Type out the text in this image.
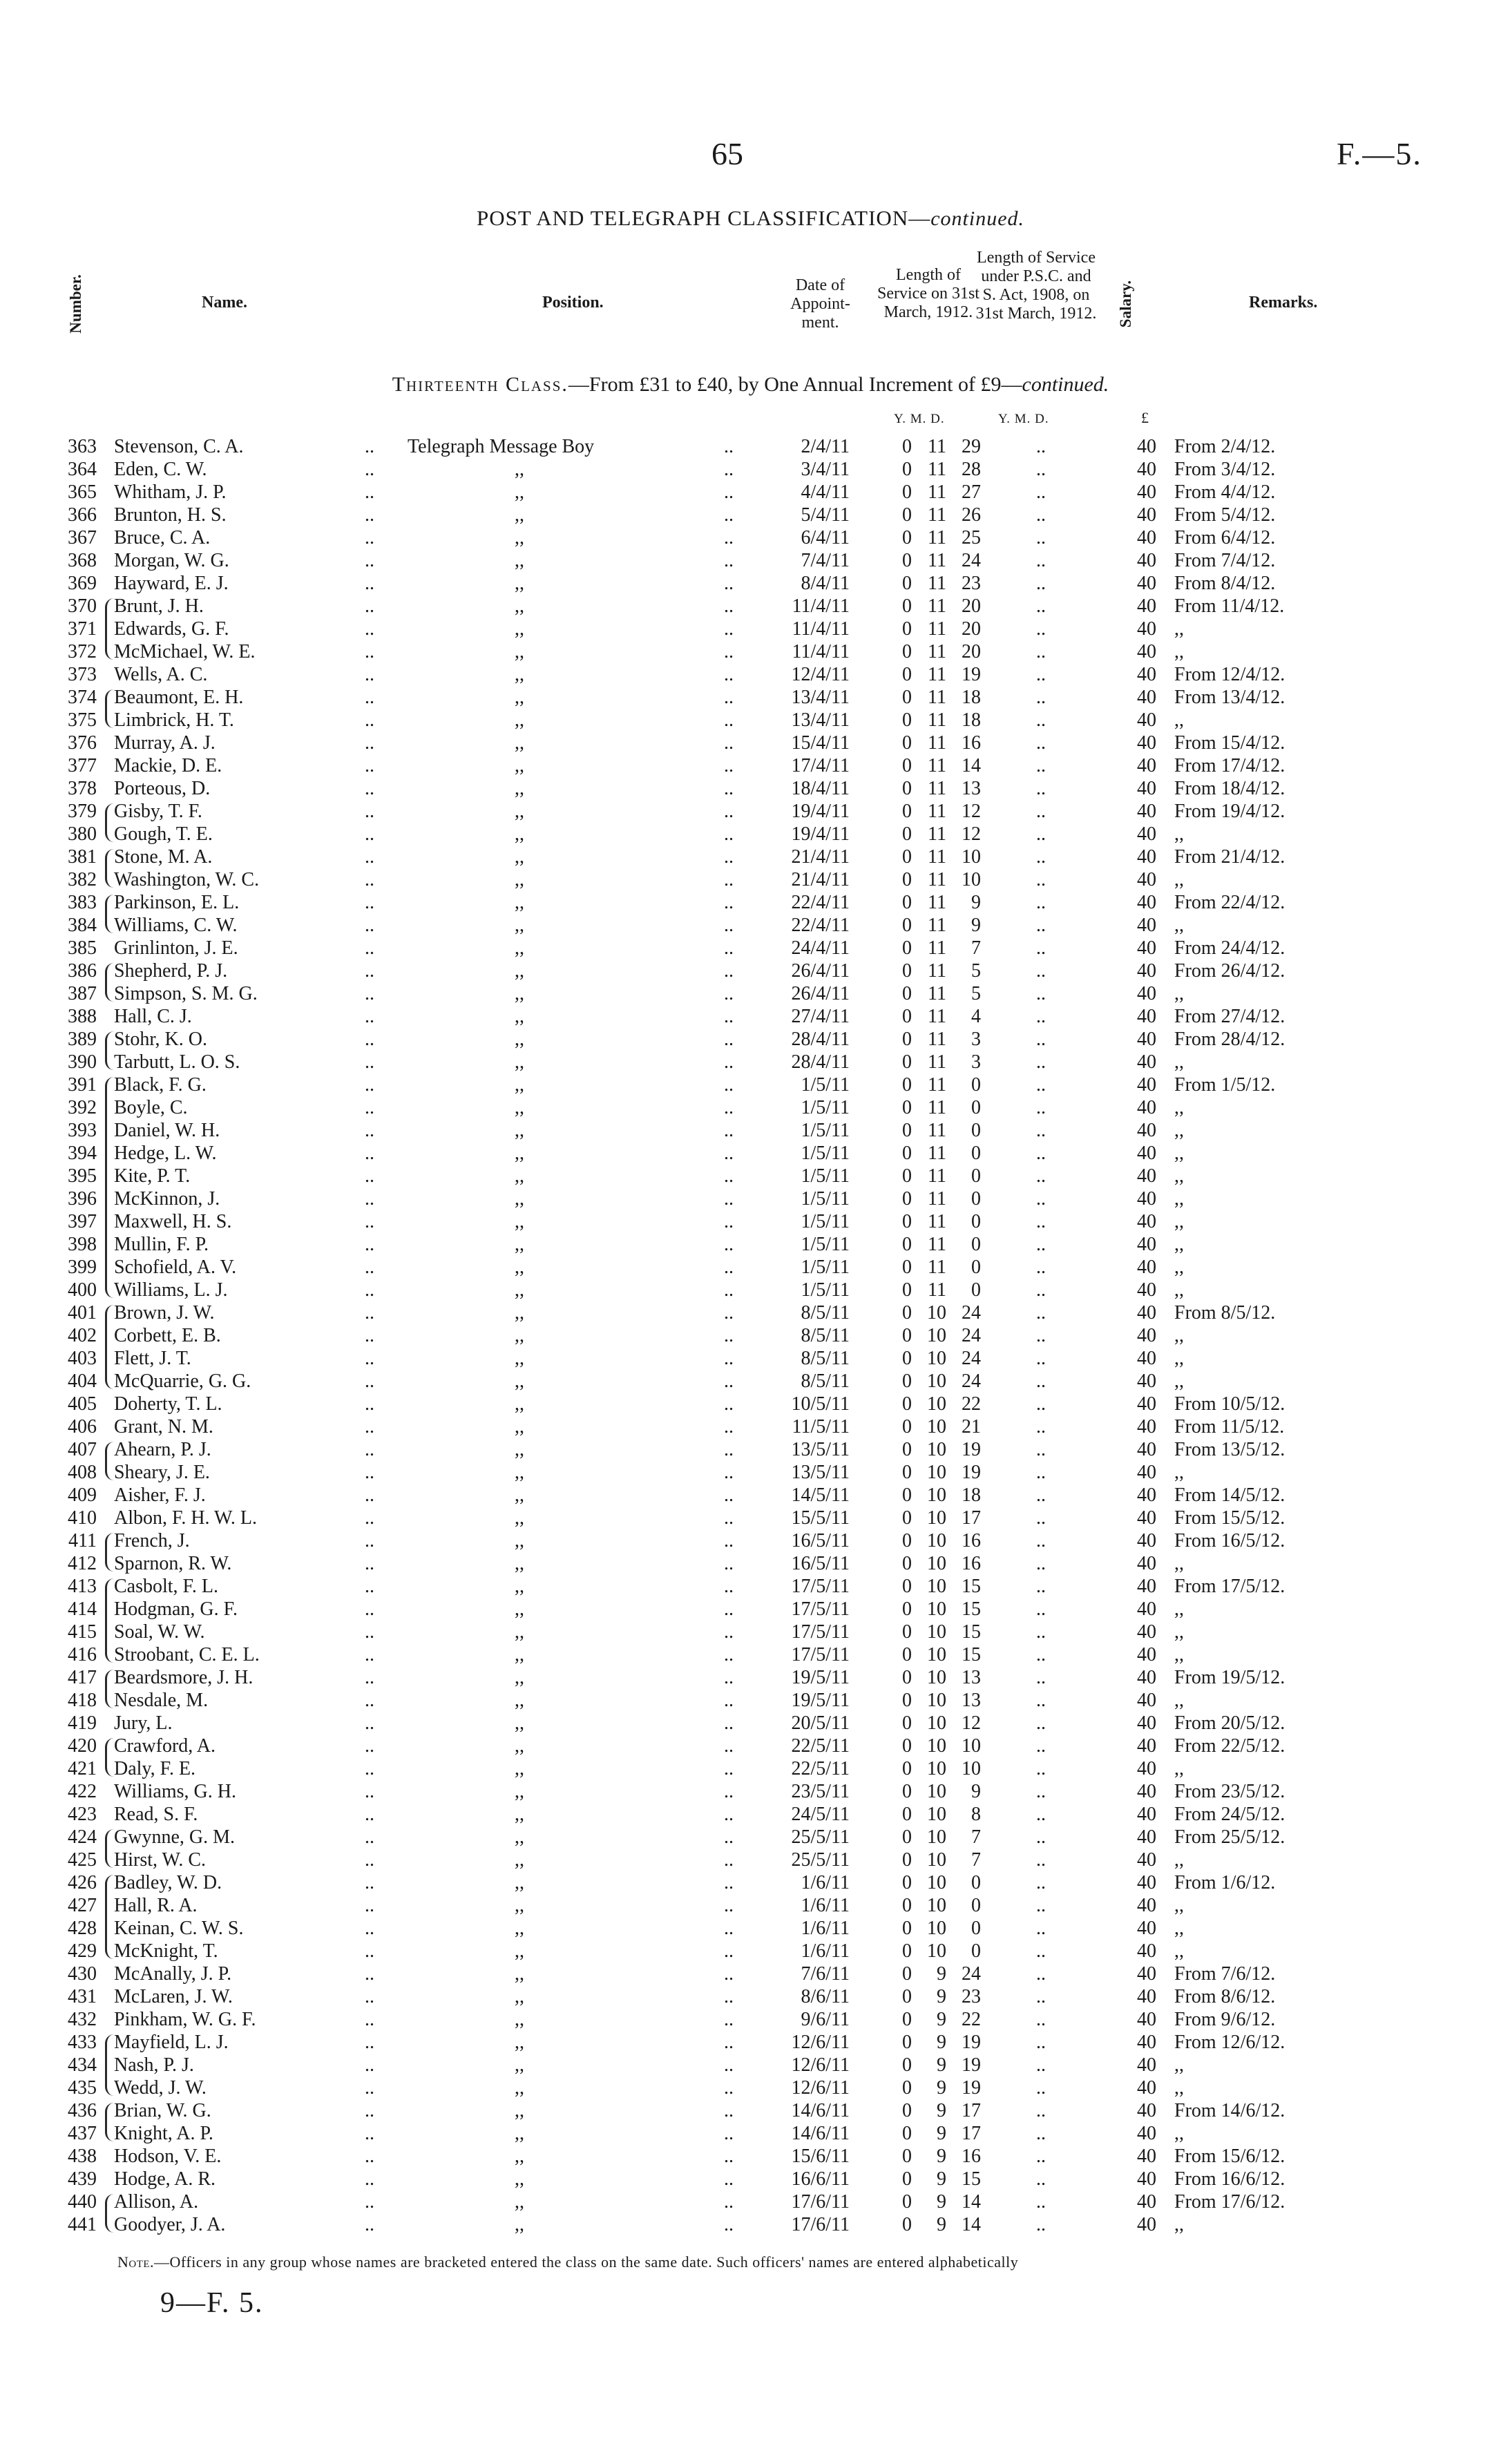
65	F.—5.
POST AND TELEGRAPH CLASSIFICATION—continued.
Number.	Name.	Position.
Date of Appoint-ment.
Length of Service on 31st March, 1912.
Length of Service under P.S.C. and S. Act, 1908, on 31st March, 1912. Salary.	Remarks.
Thirteenth Class.—From £31 to £40, by One Annual Increment of £9—continued.
Y. M. D.	Y. M. D.	£
363 Stevenson, C. A.	.. Telegraph Message Boy	..	2/4/11	0 11 29	..	40 From 2/4/12.
364 Eden, C. W.	..	,,	..	3/4/11	0 11 28	..	40 From 3/4/12.
365 Whitham, J. P.	..	,,	..	4/4/11	0 11 27	..	40 From 4/4/12.
366 Brunton, H. S.	..	,,	..	5/4/11	0 11 26	..	40 From 5/4/12.
367 Bruce, C. A.	..	,,	..	6/4/11	0 11 25	..	40 From 6/4/12.
368 Morgan, W. G.	..	,,	..	7/4/11	0 11 24	..	40 From 7/4/12.
369 Hayward, E. J.	..	,,	..	8/4/11	0 11 23	..	40 From 8/4/12.
370 Brunt, J. H.	..	,,	..	11/4/11	0 11 20	..	40 From 11/4/12.
371 Edwards, G. F.	..	,,	..	11/4/11	0 11 20	..	40 ,,
372 McMichael, W. E.	..	,,	..	11/4/11	0 11 20	..	40 ,,
373 Wells, A. C.	..	,,	..	12/4/11	0 11 19	..	40 From 12/4/12.
374 Beaumont, E. H.	..	,,	..	13/4/11	0 11 18	..	40 From 13/4/12.
375 Limbrick, H. T.	..	,,	..	13/4/11	0 11 18	..	40 ,,
376 Murray, A. J.	..	,,	..	15/4/11	0 11 16	..	40 From 15/4/12.
377 Mackie, D. E.	..	,,	..	17/4/11	0 11 14	..	40 From 17/4/12.
378 Porteous, D.	..	,,	..	18/4/11	0 11 13	..	40 From 18/4/12.
379 Gisby, T. F.	..	,,	..	19/4/11	0 11 12	..	40 From 19/4/12.
380 Gough, T. E.	..	,,	..	19/4/11	0 11 12	..	40 ,,
381 Stone, M. A.	..	,,	..	21/4/11	0 11 10	..	40 From 21/4/12.
382 Washington, W. C.	..	,,	..	21/4/11	0 11 10	..	40 ,,
383 Parkinson, E. L.	..	,,	..	22/4/11	0 11	9	..	40 From 22/4/12.
384 Williams, C. W.	..	,,	..	22/4/11	0 11	9	..	40 ,,
385 Grinlinton, J. E.	..	,,	..	24/4/11	0 11	7	..	40 From 24/4/12.
386 Shepherd, P. J.	..	,,	..	26/4/11	0 11	5	..	40 From 26/4/12.
387 Simpson, S. M. G.	..	,,	..	26/4/11	0 11	5	..	40 ,,
388 Hall, C. J.	..	,,	..	27/4/11	0 11	4	..	40 From 27/4/12.
389 Stohr, K. O.	..	,,	..	28/4/11	0 11	3	..	40 From 28/4/12.
390 Tarbutt, L. O. S.	..	,,	..	28/4/11	0 11	3	..	40 ,,
391 Black, F. G.	..	,,	..	1/5/11	0 11	0	..	40 From 1/5/12.
392 Boyle, C.	..	,,	..	1/5/11	0 11	0	..	40 ,,
393 Daniel, W. H.	..	,,	..	1/5/11	0 11	0	..	40 ,,
394 Hedge, L. W.	..	,,	..	1/5/11	0 11	0	..	40 ,,
395 Kite, P. T.	..	,,	..	1/5/11	0 11	0	..	40 ,,
396 McKinnon, J.	..	,,	..	1/5/11	0 11	0	..	40 ,,
397 Maxwell, H. S.	..	,,	..	1/5/11	0 11	0	..	40 ,,
398 Mullin, F. P.	..	,,	..	1/5/11	0 11	0	..	40 ,,
399 Schofield, A. V.	..	,,	..	1/5/11	0 11	0	..	40 ,,
400 Williams, L. J.	..	,,	..	1/5/11	0 11	0	..	40 ,,
401 Brown, J. W.	..	,,	..	8/5/11	0 10 24	..	40 From 8/5/12.
402 Corbett, E. B.	..	,,	..	8/5/11	0 10 24	..	40 ,,
403 Flett, J. T.	..	,,	..	8/5/11	0 10 24	..	40 ,,
404 McQuarrie, G. G.	..	,,	..	8/5/11	0 10 24	..	40 ,,
405 Doherty, T. L.	..	,,	..	10/5/11	0 10 22	..	40 From 10/5/12.
406 Grant, N. M.	..	,,	..	11/5/11	0 10 21	..	40 From 11/5/12.
407 Ahearn, P. J.	..	,,	..	13/5/11	0 10 19	..	40 From 13/5/12.
408 Sheary, J. E.	..	,,	..	13/5/11	0 10 19	..	40 ,,
409 Aisher, F. J.	..	,,	..	14/5/11	0 10 18	..	40 From 14/5/12.
410 Albon, F. H. W. L.	..	,,	..	15/5/11	0 10 17	..	40 From 15/5/12.
411 French, J.	..	,,	..	16/5/11	0 10 16	..	40 From 16/5/12.
412 Sparnon, R. W.	..	,,	..	16/5/11	0 10 16	..	40 ,,
413 Casbolt, F. L.	..	,,	..	17/5/11	0 10 15	..	40 From 17/5/12.
414 Hodgman, G. F.	..	,,	..	17/5/11	0 10 15	..	40 ,,
415 Soal, W. W.	..	,,	..	17/5/11	0 10 15	..	40 ,,
416 Stroobant, C. E. L.	..	,,	..	17/5/11	0 10 15	..	40 ,,
417 Beardsmore, J. H.	..	,,	..	19/5/11	0 10 13	..	40 From 19/5/12.
418 Nesdale, M.	..	,,	..	19/5/11	0 10 13	..	40 ,,
419 Jury, L.	..	,,	..	20/5/11	0 10 12	..	40 From 20/5/12.
420 Crawford, A.	..	,,	..	22/5/11	0 10 10	..	40 From 22/5/12.
421 Daly, F. E.	..	,,	..	22/5/11	0 10 10	..	40 ,,
422 Williams, G. H.	..	,,	..	23/5/11	0 10	9	..	40 From 23/5/12.
423 Read, S. F.	..	,,	..	24/5/11	0 10	8	..	40 From 24/5/12.
424 Gwynne, G. M.	..	,,	..	25/5/11	0 10	7	..	40 From 25/5/12.
425 Hirst, W. C.	..	,,	..	25/5/11	0 10	7	..	40 ,,
426 Badley, W. D.	..	,,	..	1/6/11	0 10	0	..	40 From 1/6/12.
427 Hall, R. A.	..	,,	..	1/6/11	0 10	0	..	40 ,,
428 Keinan, C. W. S.	..	,,	..	1/6/11	0 10	0	..	40 ,,
429 McKnight, T.	..	,,	..	1/6/11	0 10	0	..	40 ,,
430 McAnally, J. P.	..	,,	..	7/6/11	0	9 24	..	40 From 7/6/12.
431 McLaren, J. W.	..	,,	..	8/6/11	0	9 23	..	40 From 8/6/12.
432 Pinkham, W. G. F.	..	,,	..	9/6/11	0	9 22	..	40 From 9/6/12.
433 Mayfield, L. J.	..	,,	..	12/6/11	0	9 19	..	40 From 12/6/12.
434 Nash, P. J.	..	,,	..	12/6/11	0	9 19	..	40 ,,
435 Wedd, J. W.	..	,,	..	12/6/11	0	9 19	..	40 ,,
436 Brian, W. G.	..	,,	..	14/6/11	0	9 17	..	40 From 14/6/12.
437 Knight, A. P.	..	,,	..	14/6/11	0	9 17	..	40 ,,
438 Hodson, V. E.	..	,,	..	15/6/11	0	9 16	..	40 From 15/6/12.
439 Hodge, A. R.	..	,,	..	16/6/11	0	9 15	..	40 From 16/6/12.
440 Allison, A.	..	,,	..	17/6/11	0	9 14	..	40 From 17/6/12.
441 Goodyer, J. A.	..	,,	..	17/6/11	0	9 14	..	40 ,,
Note.—Officers in any group whose names are bracketed entered the class on the same date. Such officers' names are entered alphabetically
9—F. 5.
